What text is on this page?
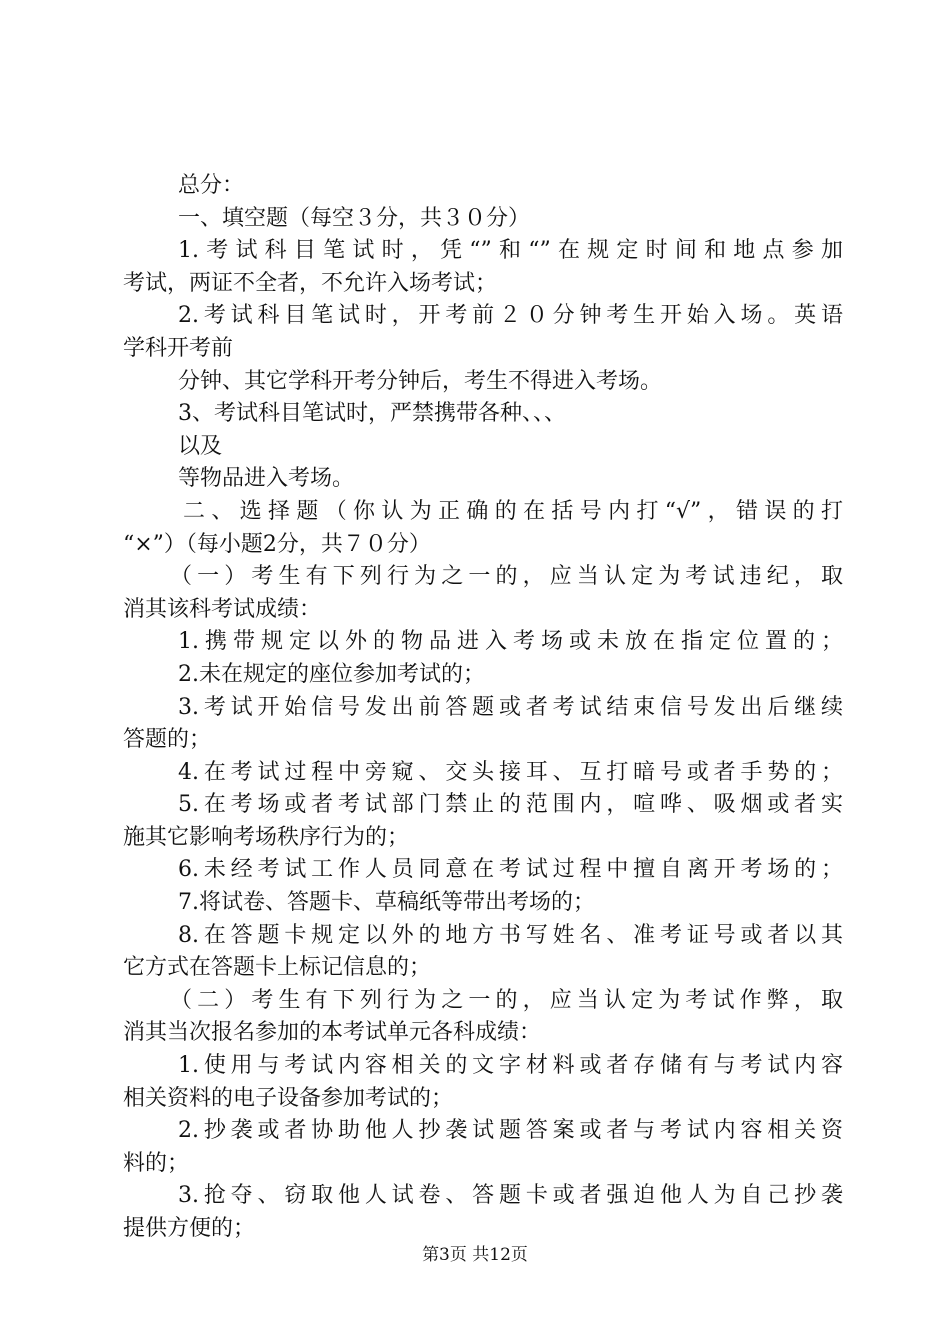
总分：
一、填空题（每空３分，共３０分）
1.考试科目笔试时，凭“”和“”在规定时间和地点参加
考试，两证不全者，不允许入场考试；
2.考试科目笔试时，开考前２０分钟考生开始入场。英语
学科开考前
分钟、其它学科开考分钟后，考生不得进入考场。
3、考试科目笔试时，严禁携带各种、、、
以及
等物品进入考场。
二、选择题（你认为正确的在括号内打“√”，错误的打
“×”）（每小题2分，共７０分）
（一）考生有下列行为之一的，应当认定为考试违纪，取
消其该科考试成绩：
1.携带规定以外的物品进入考场或未放在指定位置的；
2.未在规定的座位参加考试的；
3.考试开始信号发出前答题或者考试结束信号发出后继续
答题的；
4.在考试过程中旁窥、交头接耳、互打暗号或者手势的；
5.在考场或者考试部门禁止的范围内，喧哗、吸烟或者实
施其它影响考场秩序行为的；
6.未经考试工作人员同意在考试过程中擅自离开考场的；
7.将试卷、答题卡、草稿纸等带出考场的；
8.在答题卡规定以外的地方书写姓名、准考证号或者以其
它方式在答题卡上标记信息的；
（二）考生有下列行为之一的，应当认定为考试作弊，取
消其当次报名参加的本考试单元各科成绩：
1.使用与考试内容相关的文字材料或者存储有与考试内容
相关资料的电子设备参加考试的；
2.抄袭或者协助他人抄袭试题答案或者与考试内容相关资
料的；
3.抢夺、窃取他人试卷、答题卡或者强迫他人为自己抄袭
提供方便的；
第3页 共12页
